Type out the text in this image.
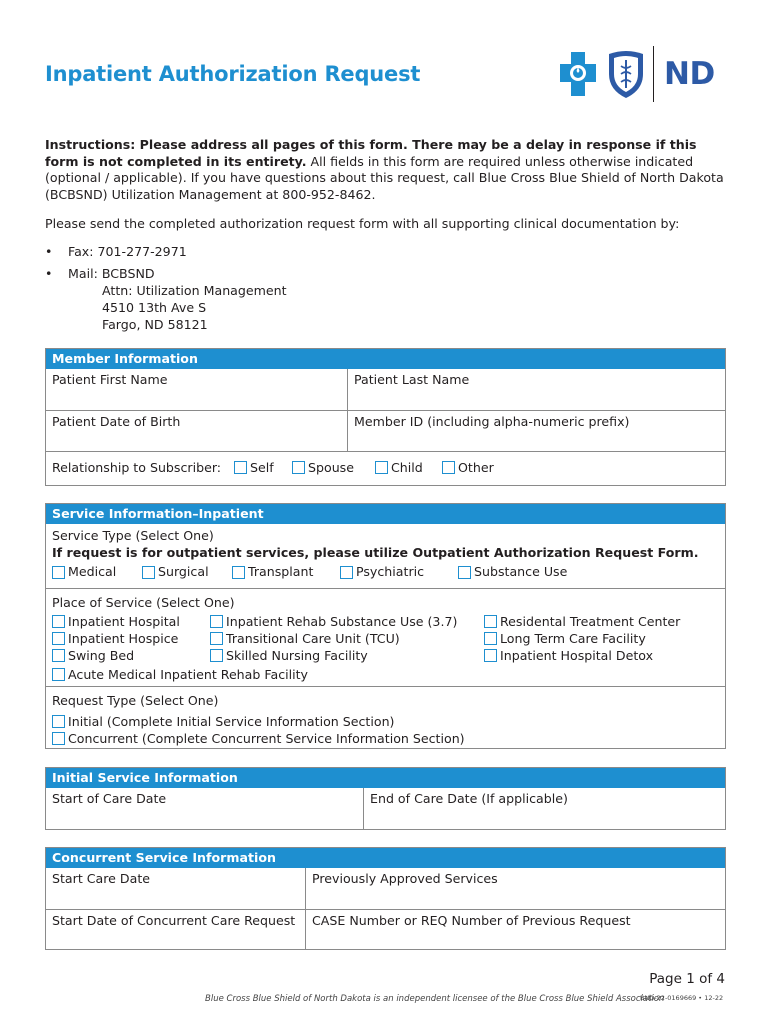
Inpatient Authorization Request	ND
Instructions: Please address all pages of this form. There may be a delay in response if this form is not completed in its entirety. All fields in this form are required unless otherwise indicated (optional / applicable). If you have questions about this request, call Blue Cross Blue Shield of North Dakota (BCBSND) Utilization Management at 800-952-8462.
Please send the completed authorization request form with all supporting clinical documentation by:
• Fax: 701-277-2971
• Mail: BCBSND
Attn: Utilization Management
4510 13th Ave S
Fargo, ND 58121
Member Information
Patient First Name	Patient Last Name
Patient Date of Birth	Member ID (including alpha-numeric prefix)
Relationship to Subscriber: Self	Spouse	Child	Other
Service Information–Inpatient
Service Type (Select One)
If request is for outpatient services, please utilize Outpatient Authorization Request Form.
Medical	Surgical	Transplant	Psychiatric	Substance Use
Place of Service (Select One)
Inpatient Hospital
Inpatient Hospice
Swing Bed
Inpatient Rehab Substance Use (3.7)
Transitional Care Unit (TCU)
Skilled Nursing Facility
Residental Treatment Center
Long Term Care Facility
Inpatient Hospital Detox
Acute Medical Inpatient Rehab Facility
Request Type (Select One)
Initial (Complete Initial Service Information Section)
Concurrent (Complete Concurrent Service Information Section)
Initial Service Information
Start of Care Date	End of Care Date (If applicable)
Concurrent Service Information
Start Care Date	Previously Approved Services
Start Date of Concurrent Care Request	CASE Number or REQ Number of Previous Request
Page 1 of 4
Blue Cross Blue Shield of North Dakota is an independent licensee of the Blue Cross Blue Shield Association
BND-22-0169669 • 12-22
